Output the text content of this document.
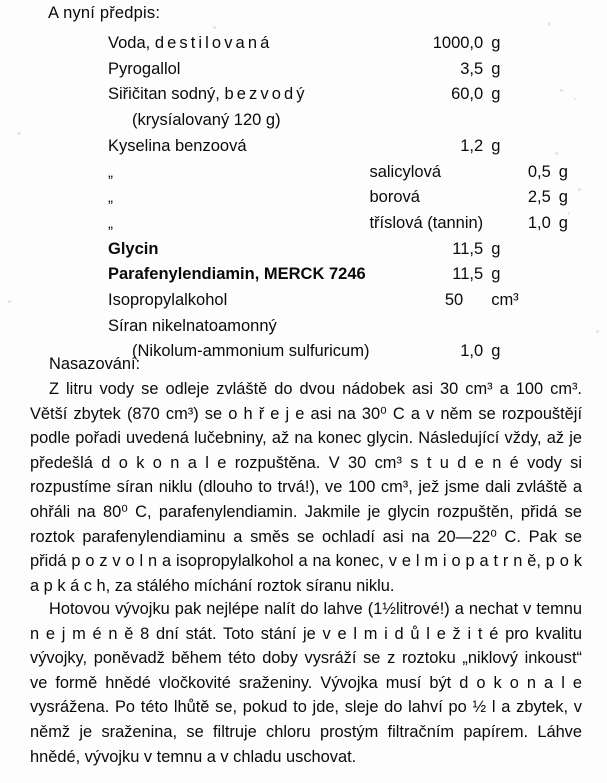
A nyní předpis:
Voda, destilovaná	1000,0	g	
Pyrogallol	3,5	g	
Siřičitan sodný, bezvodý	60,0	g	
(krysíalovaný 120 g)			
Kyselina benzoová	1,2	g	
„	salicylová	0,5	g
„	borová	2,5	g
„	tříslová (tannin)	1,0	g
Glycin	11,5	g	
Parafenylendiamin, MERCK 7246	11,5	g	
Isopropylalkohol	50	cm³	
Síran nikelnatoamonný			
(Nikolum-ammonium sulfuricum)	1,0	g	
Nasazování:
Z litru vody se odleje zvláště do dvou nádobek asi 30 cm³ a 100 cm³. Větší zbytek (870 cm³) se o h ř e j e asi na 30⁰ C a v něm se rozpouštějí podle pořadi uvedená lučebniny, až na konec glycin. Následující vždy, až je předešlá d o k o n a l e rozpuštěna. V 30 cm³ s t u d e n é vody si rozpustíme síran niklu (dlouho to trvá!), ve 100 cm³, jež jsme dali zvláště a ohřáli na 80⁰ C, parafenylendiamin. Jakmile je glycin rozpuštěn, přidá se roztok parafenylendiaminu a směs se ochladí asi na 20—22⁰ C. Pak se přidá p o z v o l n a isopropylalkohol a na konec, v e l m i o p a t r n ě, p o k a p k á c h, za stálého míchání roztok síranu niklu.
Hotovou vývojku pak nejlépe nalít do lahve (1½litrové!) a nechat v temnu n e j m é n ě 8 dní stát. Toto stání je v e l m i d ů l e ž i t é pro kvalitu vývojky, poněvadž během této doby vysráží se z roztoku „niklový inkoust“ ve formě hnědé vločkovité sraženiny. Vývojka musí být d o k o n a l e vysrážena. Po této lhůtě se, pokud to jde, sleje do lahví po ½ l a zbytek, v němž je sraženina, se filtruje chloru prostým filtračním papírem. Láhve hnědé, vývojku v temnu a v chladu uschovat.
